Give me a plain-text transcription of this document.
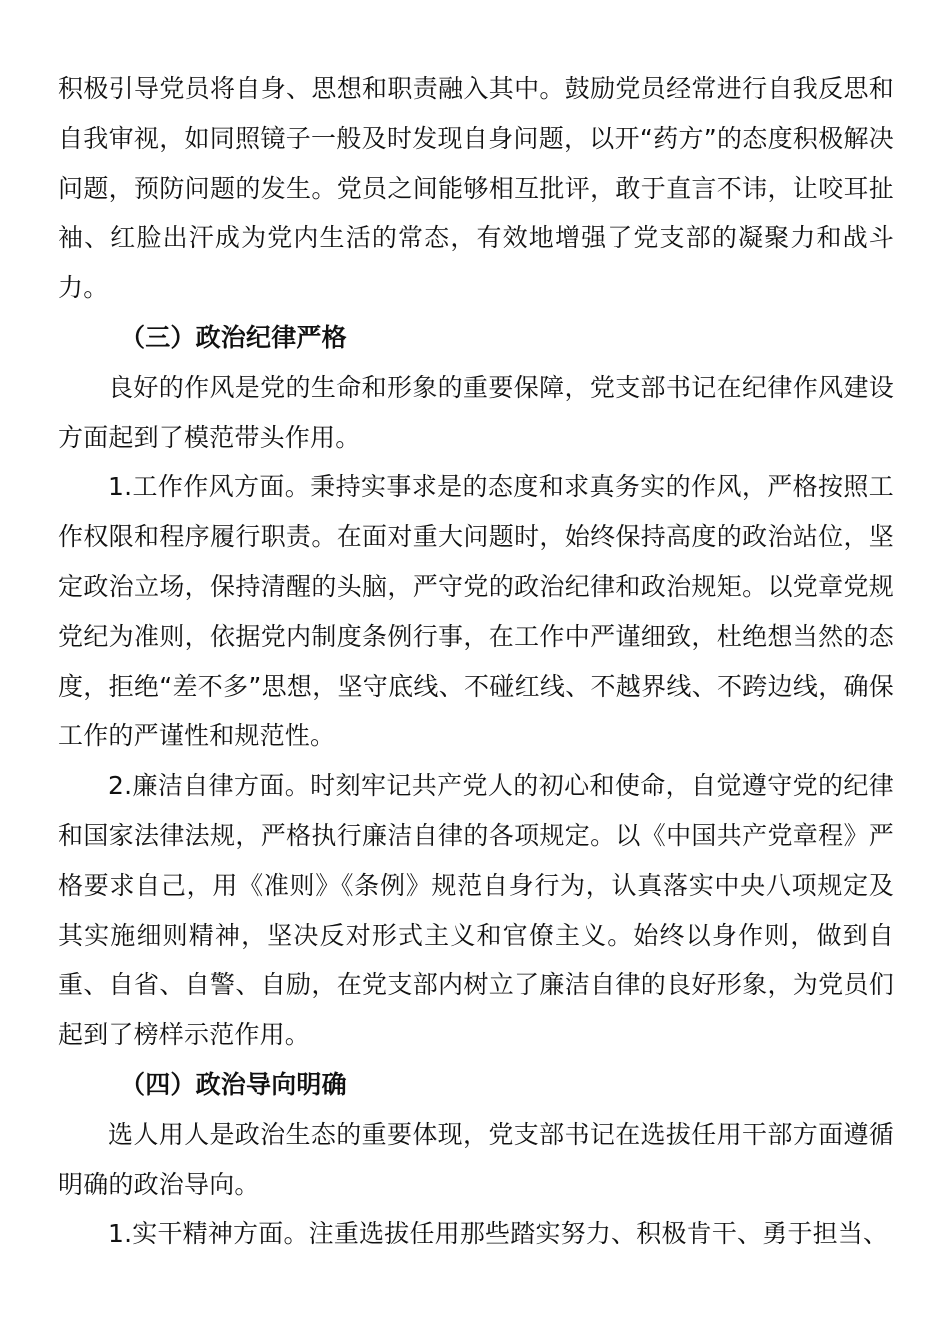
积极引导党员将自身、思想和职责融入其中。鼓励党员经常进行自我反思和自我审视，如同照镜子一般及时发现自身问题，以开“药方”的态度积极解决问题，预防问题的发生。党员之间能够相互批评，敢于直言不讳，让咬耳扯袖、红脸出汗成为党内生活的常态，有效地增强了党支部的凝聚力和战斗力。

（三）政治纪律严格

良好的作风是党的生命和形象的重要保障，党支部书记在纪律作风建设方面起到了模范带头作用。

1.工作作风方面。秉持实事求是的态度和求真务实的作风，严格按照工作权限和程序履行职责。在面对重大问题时，始终保持高度的政治站位，坚定政治立场，保持清醒的头脑，严守党的政治纪律和政治规矩。以党章党规党纪为准则，依据党内制度条例行事，在工作中严谨细致，杜绝想当然的态度，拒绝“差不多”思想，坚守底线、不碰红线、不越界线、不跨边线，确保工作的严谨性和规范性。

2.廉洁自律方面。时刻牢记共产党人的初心和使命，自觉遵守党的纪律和国家法律法规，严格执行廉洁自律的各项规定。以《中国共产党章程》严格要求自己，用《准则》《条例》规范自身行为，认真落实中央八项规定及其实施细则精神，坚决反对形式主义和官僚主义。始终以身作则，做到自重、自省、自警、自励，在党支部内树立了廉洁自律的良好形象，为党员们起到了榜样示范作用。

（四）政治导向明确

选人用人是政治生态的重要体现，党支部书记在选拔任用干部方面遵循明确的政治导向。

1.实干精神方面。注重选拔任用那些踏实努力、积极肯干、勇于担当、
